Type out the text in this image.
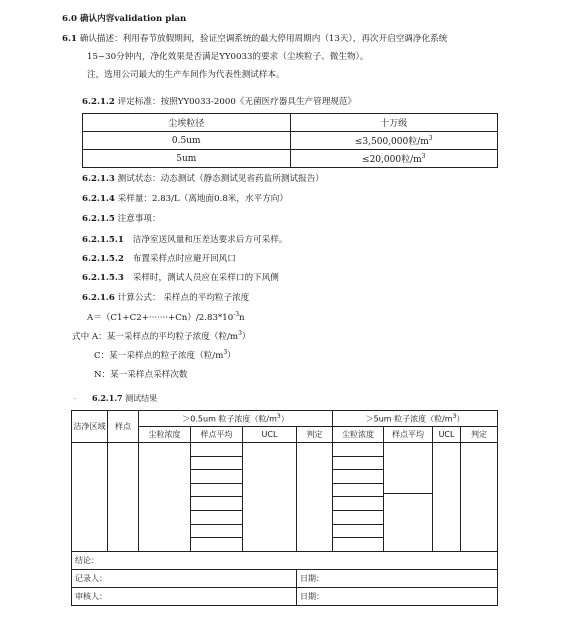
6.0 确认内容validation plan
6.1 确认描述：利用春节放假期间，验证空调系统的最大停用周期内（13天），再次开启空调净化系统
15~30分钟内，净化效果是否满足YY0033的要求（尘埃粒子、微生物）。
注，选用公司最大的生产车间作为代表性测试样本。
6.2.1.2 评定标准：按照YY0033-2000《无菌医疗器具生产管理规范》
尘埃粒径	十万级
0.5um	≤3,500,000粒$/m^3$
5um	≤20,000粒$/m^3$
6.2.1.3 测试状态：动态测试（静态测试见省药监所测试报告）
6.2.1.4 采样量：2.83/L（离地面0.8米，水平方向）
6.2.1.5 注意事项：
6.2.1.5.1 洁净室送风量和压差达要求后方可采样。
6.2.1.5.2 布置采样点时应避开回风口
6.2.1.5.3 采样时，测试人员应在采样口的下风侧
6.2.1.6 计算公式： 采样点的平均粒子浓度
$A=(C1+C2+\cdot\cdot\cdot\cdot\cdot\cdot\cdot+Cn)/2.83*10^{-3}n$
式中 A：某一采样点的平均粒子浓度（粒$/m^3$）
C：某一采样点的粒子浓度（粒$/m^3$）
N：某一采样点采样次数
. 6.2.1.7 测试结果
洁净区域	样点	＞0.5um 粒子浓度（粒$/m^3$）				＞5um 粒子浓度（粒$/m^3$）			
		尘粒浓度	样点平均	UCL	判定	尘粒浓度	样点平均	UCL	判定

结论：									
记录人：					日期：				
审核人：					日期：				
